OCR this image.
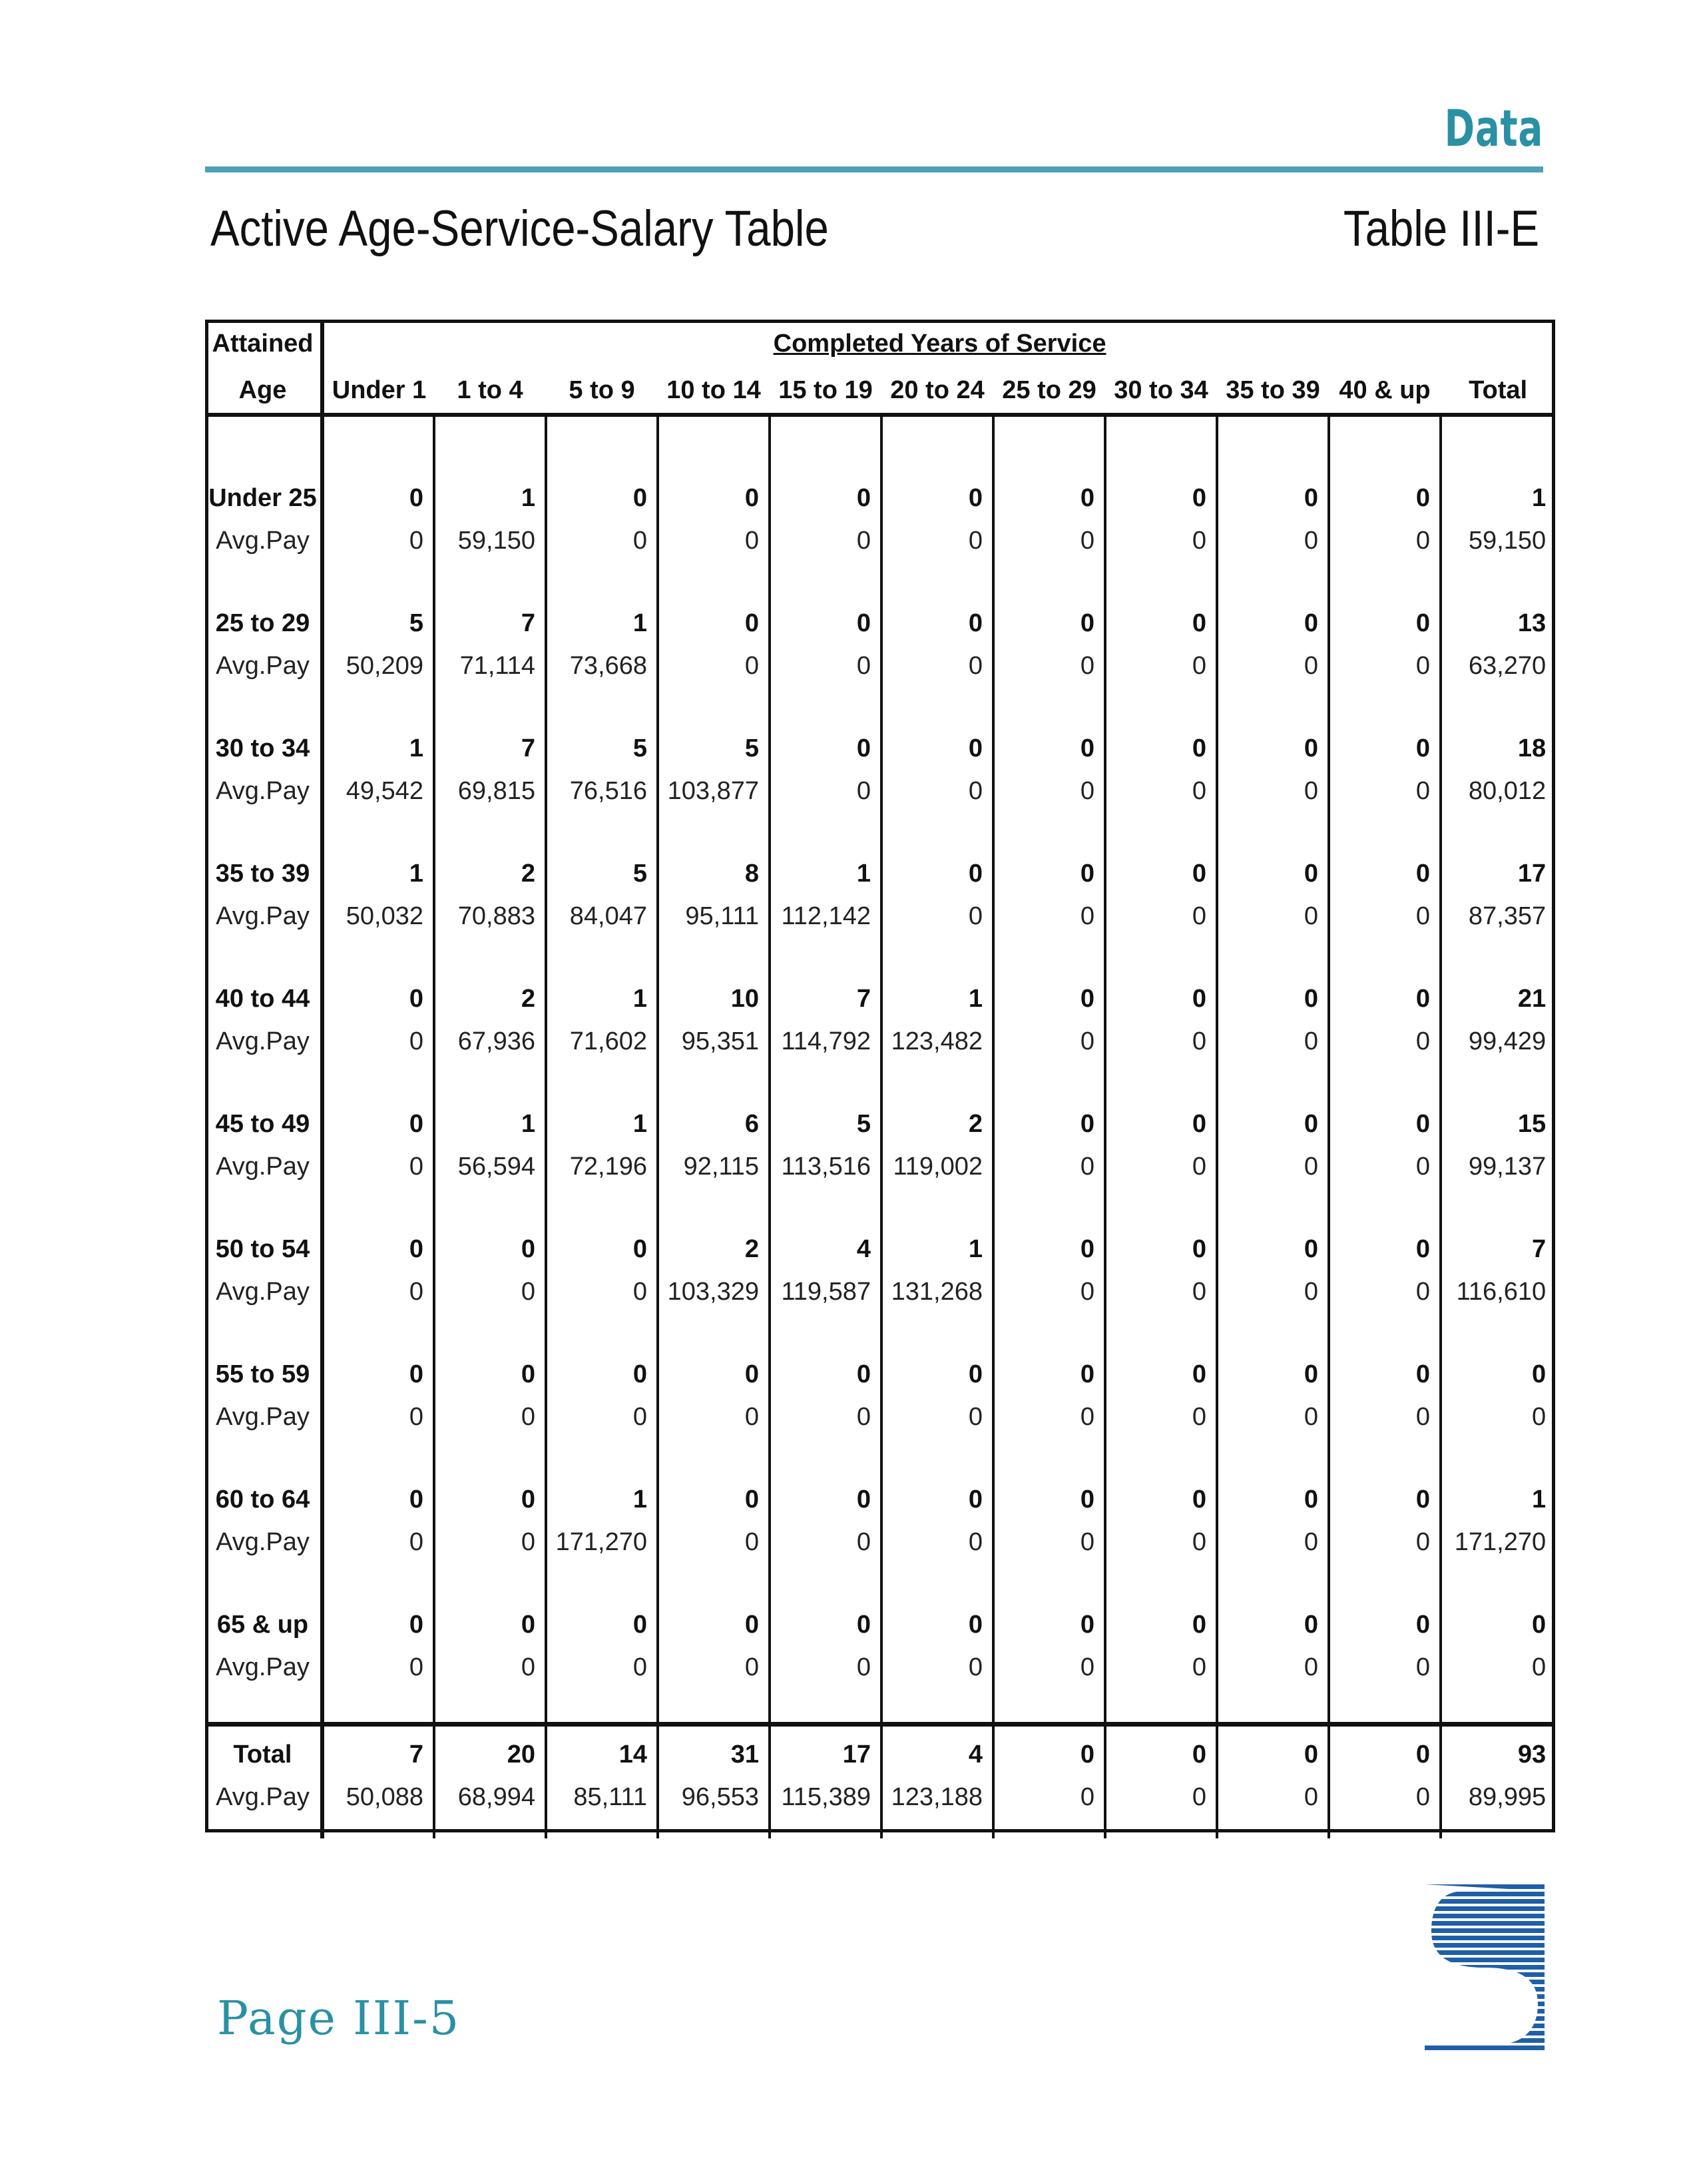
Data
Active Age-Service-Salary Table	Table III-E
Attained	Completed Years of Service										
Age	Under 1	1 to 4	5 to 9	10 to 14	15 to 19	20 to 24	25 to 29	30 to 34	35 to 39	40 & up	Total

Under 25	0	1	0	0	0	0	0	0	0	0	1
Avg.Pay	0	59,150	0	0	0	0	0	0	0	0	59,150

25 to 29	5	7	1	0	0	0	0	0	0	0	13
Avg.Pay	50,209	71,114	73,668	0	0	0	0	0	0	0	63,270

30 to 34	1	7	5	5	0	0	0	0	0	0	18
Avg.Pay	49,542	69,815	76,516	103,877	0	0	0	0	0	0	80,012

35 to 39	1	2	5	8	1	0	0	0	0	0	17
Avg.Pay	50,032	70,883	84,047	95,111	112,142	0	0	0	0	0	87,357

40 to 44	0	2	1	10	7	1	0	0	0	0	21
Avg.Pay	0	67,936	71,602	95,351	114,792	123,482	0	0	0	0	99,429

45 to 49	0	1	1	6	5	2	0	0	0	0	15
Avg.Pay	0	56,594	72,196	92,115	113,516	119,002	0	0	0	0	99,137

50 to 54	0	0	0	2	4	1	0	0	0	0	7
Avg.Pay	0	0	0	103,329	119,587	131,268	0	0	0	0	116,610

55 to 59	0	0	0	0	0	0	0	0	0	0	0
Avg.Pay	0	0	0	0	0	0	0	0	0	0	0

60 to 64	0	0	1	0	0	0	0	0	0	0	1
Avg.Pay	0	0	171,270	0	0	0	0	0	0	0	171,270

65 & up	0	0	0	0	0	0	0	0	0	0	0
Avg.Pay	0	0	0	0	0	0	0	0	0	0	0

Total	7	20	14	31	17	4	0	0	0	0	93
Avg.Pay	50,088	68,994	85,111	96,553	115,389	123,188	0	0	0	0	89,995

Page III-5
